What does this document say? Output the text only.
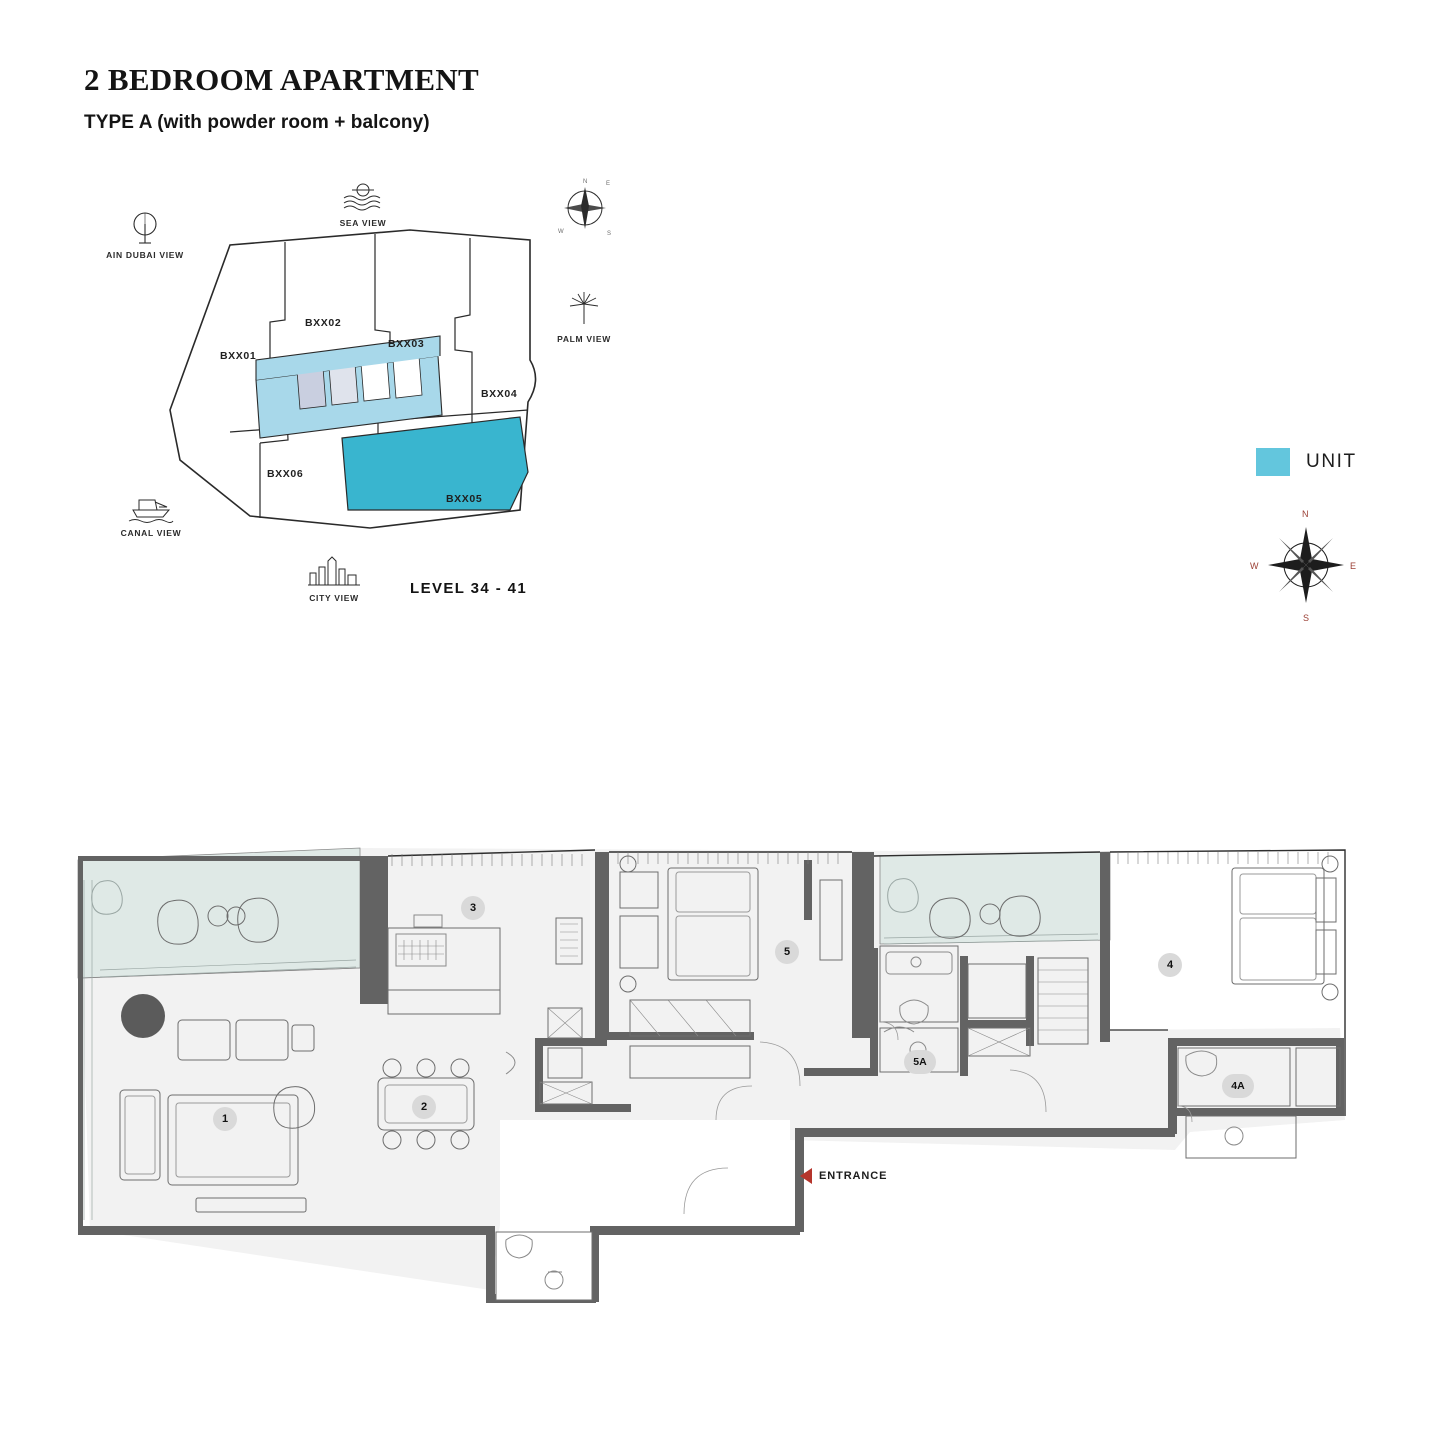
2 BEDROOM APARTMENT
TYPE A (with powder room + balcony)
BXX01
BXX02
BXX03
BXX04
BXX05
BXX06
AIN DUBAI VIEW
SEA VIEW
PALM VIEW
CANAL VIEW
CITY VIEW
N	E
S
W
LEVEL 34 - 41
UNIT
N
E
S
W
1
2
3
4
4A
5
5A
ENTRANCE
